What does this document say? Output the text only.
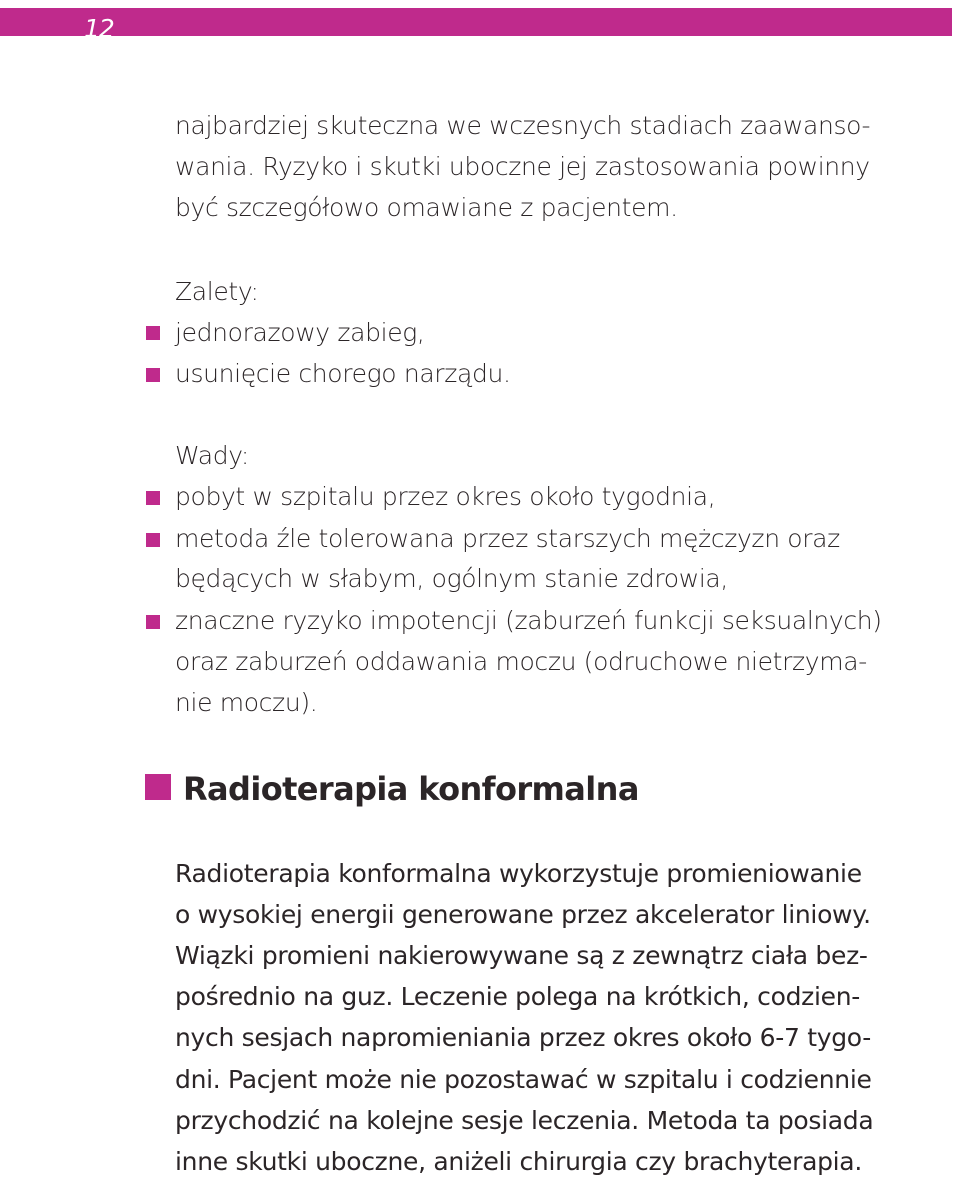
12
najbardziej skuteczna we wczesnych stadiach zaawanso-
wania. Ryzyko i skutki uboczne jej zastosowania powinny
być szczegółowo omawiane z pacjentem.
Zalety:
jednorazowy zabieg,
usunięcie chorego narządu.
Wady:
pobyt w szpitalu przez okres około tygodnia,
metoda źle tolerowana przez starszych mężczyzn oraz
będących w słabym, ogólnym stanie zdrowia,
znaczne ryzyko impotencji (zaburzeń funkcji seksualnych)
oraz zaburzeń oddawania moczu (odruchowe nietrzyma-
nie moczu).
Radioterapia konformalna
Radioterapia konformalna wykorzystuje promieniowanie
o wysokiej energii generowane przez akcelerator liniowy.
Wiązki promieni nakierowywane są z zewnątrz ciała bez-
pośrednio na guz. Leczenie polega na krótkich, codzien-
nych sesjach napromieniania przez okres około 6-7 tygo-
dni. Pacjent może nie pozostawać w szpitalu i codziennie
przychodzić na kolejne sesje leczenia. Metoda ta posiada
inne skutki uboczne, aniżeli chirurgia czy brachyterapia.
